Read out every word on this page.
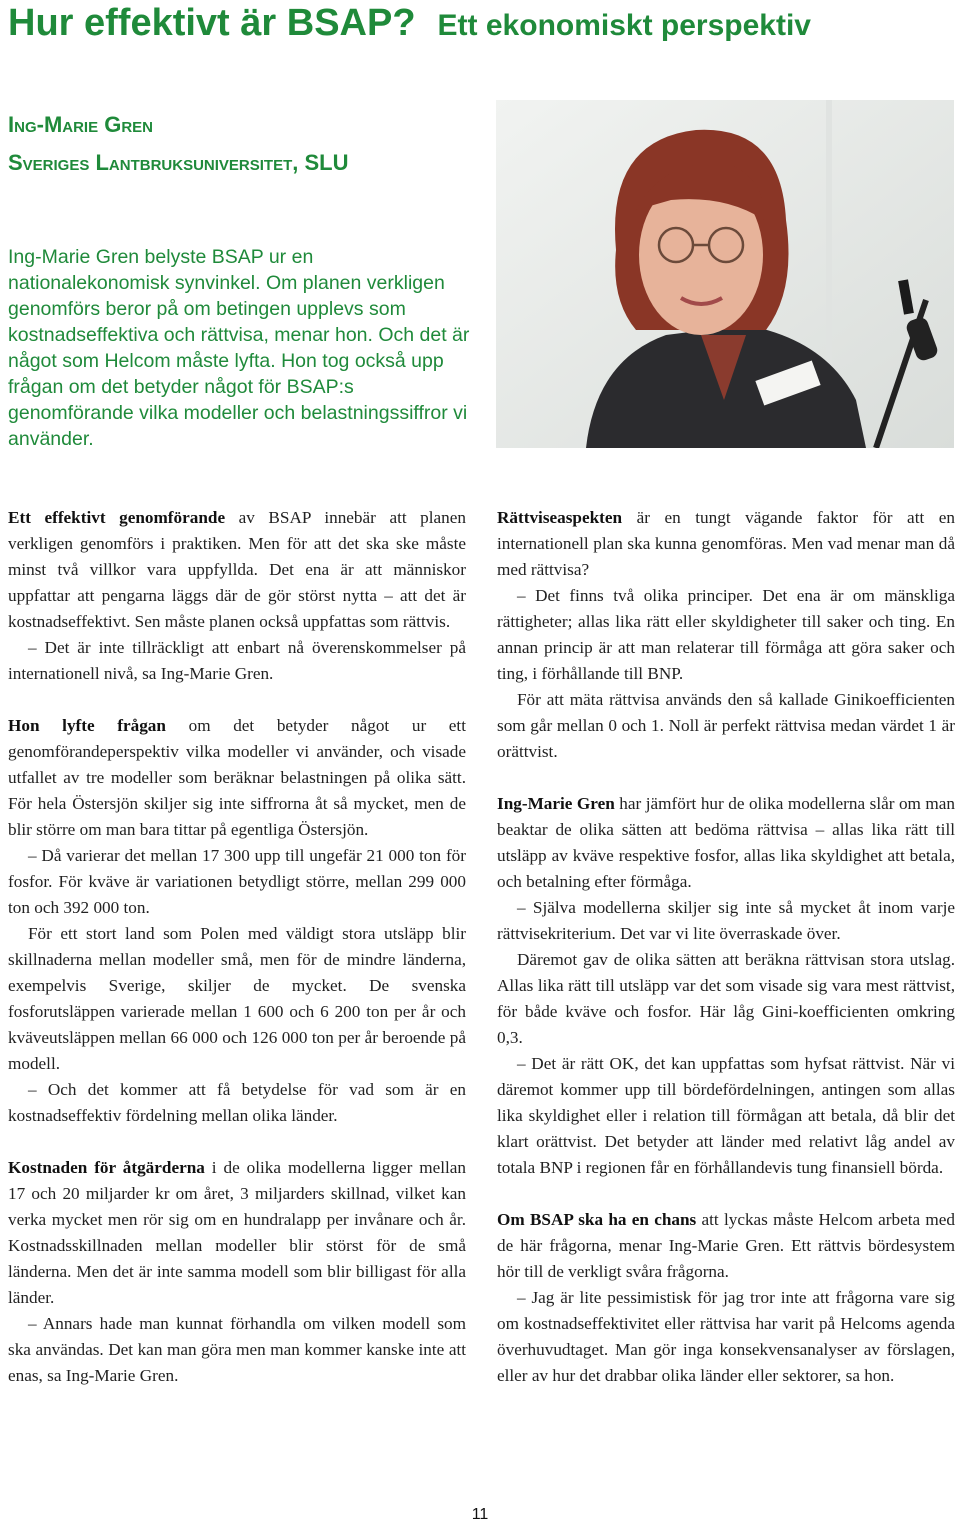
Hur effektivt är BSAP? Ett ekonomiskt perspektiv
Ing-Marie Gren
Sveriges Lantbruksuniversitet, SLU

Ing-Marie Gren belyste BSAP ur en nationalekonomisk synvinkel. Om planen verkligen genomförs beror på om betingen upplevs som kostnadseffektiva och rättvisa, menar hon. Och det är något som Helcom måste lyfta. Hon tog också upp frågan om det betyder något för BSAP:s genomförande vilka modeller och belastningssiffror vi använder.

Ett effektivt genomförande av BSAP innebär att planen verkligen genomförs i praktiken. Men för att det ska ske måste minst två villkor vara uppfyllda. Det ena är att människor uppfattar att pengarna läggs där de gör störst nytta – att det är kostnadseffektivt. Sen måste planen också uppfattas som rättvis.

– Det är inte tillräckligt att enbart nå överenskommelser på internationell nivå, sa Ing-Marie Gren.

Hon lyfte frågan om det betyder något ur ett genomförandeperspektiv vilka modeller vi använder, och visade utfallet av tre modeller som beräknar belastningen på olika sätt. För hela Östersjön skiljer sig inte siffrorna åt så mycket, men de blir större om man bara tittar på egentliga Östersjön.

– Då varierar det mellan 17 300 upp till ungefär 21 000 ton för fosfor. För kväve är variationen betydligt större, mellan 299 000 ton och 392 000 ton.

För ett stort land som Polen med väldigt stora utsläpp blir skillnaderna mellan modeller små, men för de mindre länderna, exempelvis Sverige, skiljer de mycket. De svenska fosforutsläppen varierade mellan 1 600 och 6 200 ton per år och kväveutsläppen mellan 66 000 och 126 000 ton per år beroende på modell.

– Och det kommer att få betydelse för vad som är en kostnadseffektiv fördelning mellan olika länder.

Kostnaden för åtgärderna i de olika modellerna ligger mellan 17 och 20 miljarder kr om året, 3 miljarders skillnad, vilket kan verka mycket men rör sig om en hundralapp per invånare och år. Kostnadsskillnaden mellan modeller blir störst för de små länderna. Men det är inte samma modell som blir billigast för alla länder.

– Annars hade man kunnat förhandla om vilken modell som ska användas. Det kan man göra men man kommer kanske inte att enas, sa Ing-Marie Gren.

Rättviseaspekten är en tungt vägande faktor för att en internationell plan ska kunna genomföras. Men vad menar man då med rättvisa?

– Det finns två olika principer. Det ena är om mänskliga rättigheter; allas lika rätt eller skyldigheter till saker och ting. En annan princip är att man relaterar till förmåga att göra saker och ting, i förhållande till BNP.

För att mäta rättvisa används den så kallade Ginikoefficienten som går mellan 0 och 1. Noll är perfekt rättvisa medan värdet 1 är orättvist.

Ing-Marie Gren har jämfört hur de olika modellerna slår om man beaktar de olika sätten att bedöma rättvisa – allas lika rätt till utsläpp av kväve respektive fosfor, allas lika skyldighet att betala, och betalning efter förmåga.

– Själva modellerna skiljer sig inte så mycket åt inom varje rättvisekriterium. Det var vi lite överraskade över.

Däremot gav de olika sätten att beräkna rättvisan stora utslag. Allas lika rätt till utsläpp var det som visade sig vara mest rättvist, för både kväve och fosfor. Här låg Gini-koefficienten omkring 0,3.

– Det är rätt OK, det kan uppfattas som hyfsat rättvist. När vi däremot kommer upp till bördefördelningen, antingen som allas lika skyldighet eller i relation till förmågan att betala, då blir det klart orättvist. Det betyder att länder med relativt låg andel av totala BNP i regionen får en förhållandevis tung finansiell börda.

Om BSAP ska ha en chans att lyckas måste Helcom arbeta med de här frågorna, menar Ing-Marie Gren. Ett rättvis bördesystem hör till de verkligt svåra frågorna.

– Jag är lite pessimistisk för jag tror inte att frågorna vare sig om kostnadseffektivitet eller rättvisa har varit på Helcoms agenda överhuvudtaget. Man gör inga konsekvensanalyser av förslagen, eller av hur det drabbar olika länder eller sektorer, sa hon.

11
